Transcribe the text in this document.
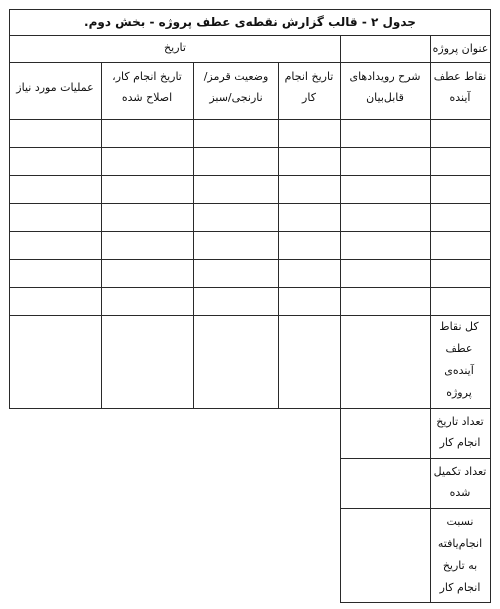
جدول ۲ - قالب گزارش نقطه‌ی عطف پروژه - بخش دوم.
عنوان پروژه
تاریخ
نقاط عطف آینده
شرح رویدادهای قابل‌بیان
تاریخ انجام کار
وضعیت قرمز/نارنجی/سبز
تاریخ انجام کار، اصلاح شده
عملیات مورد نیاز
کل نقاط عطف آینده‌ی پروژه
تعداد تاریخ انجام کار
تعداد تکمیل شده
نسبت انجام‌یافته به تاریخ انجام کار
